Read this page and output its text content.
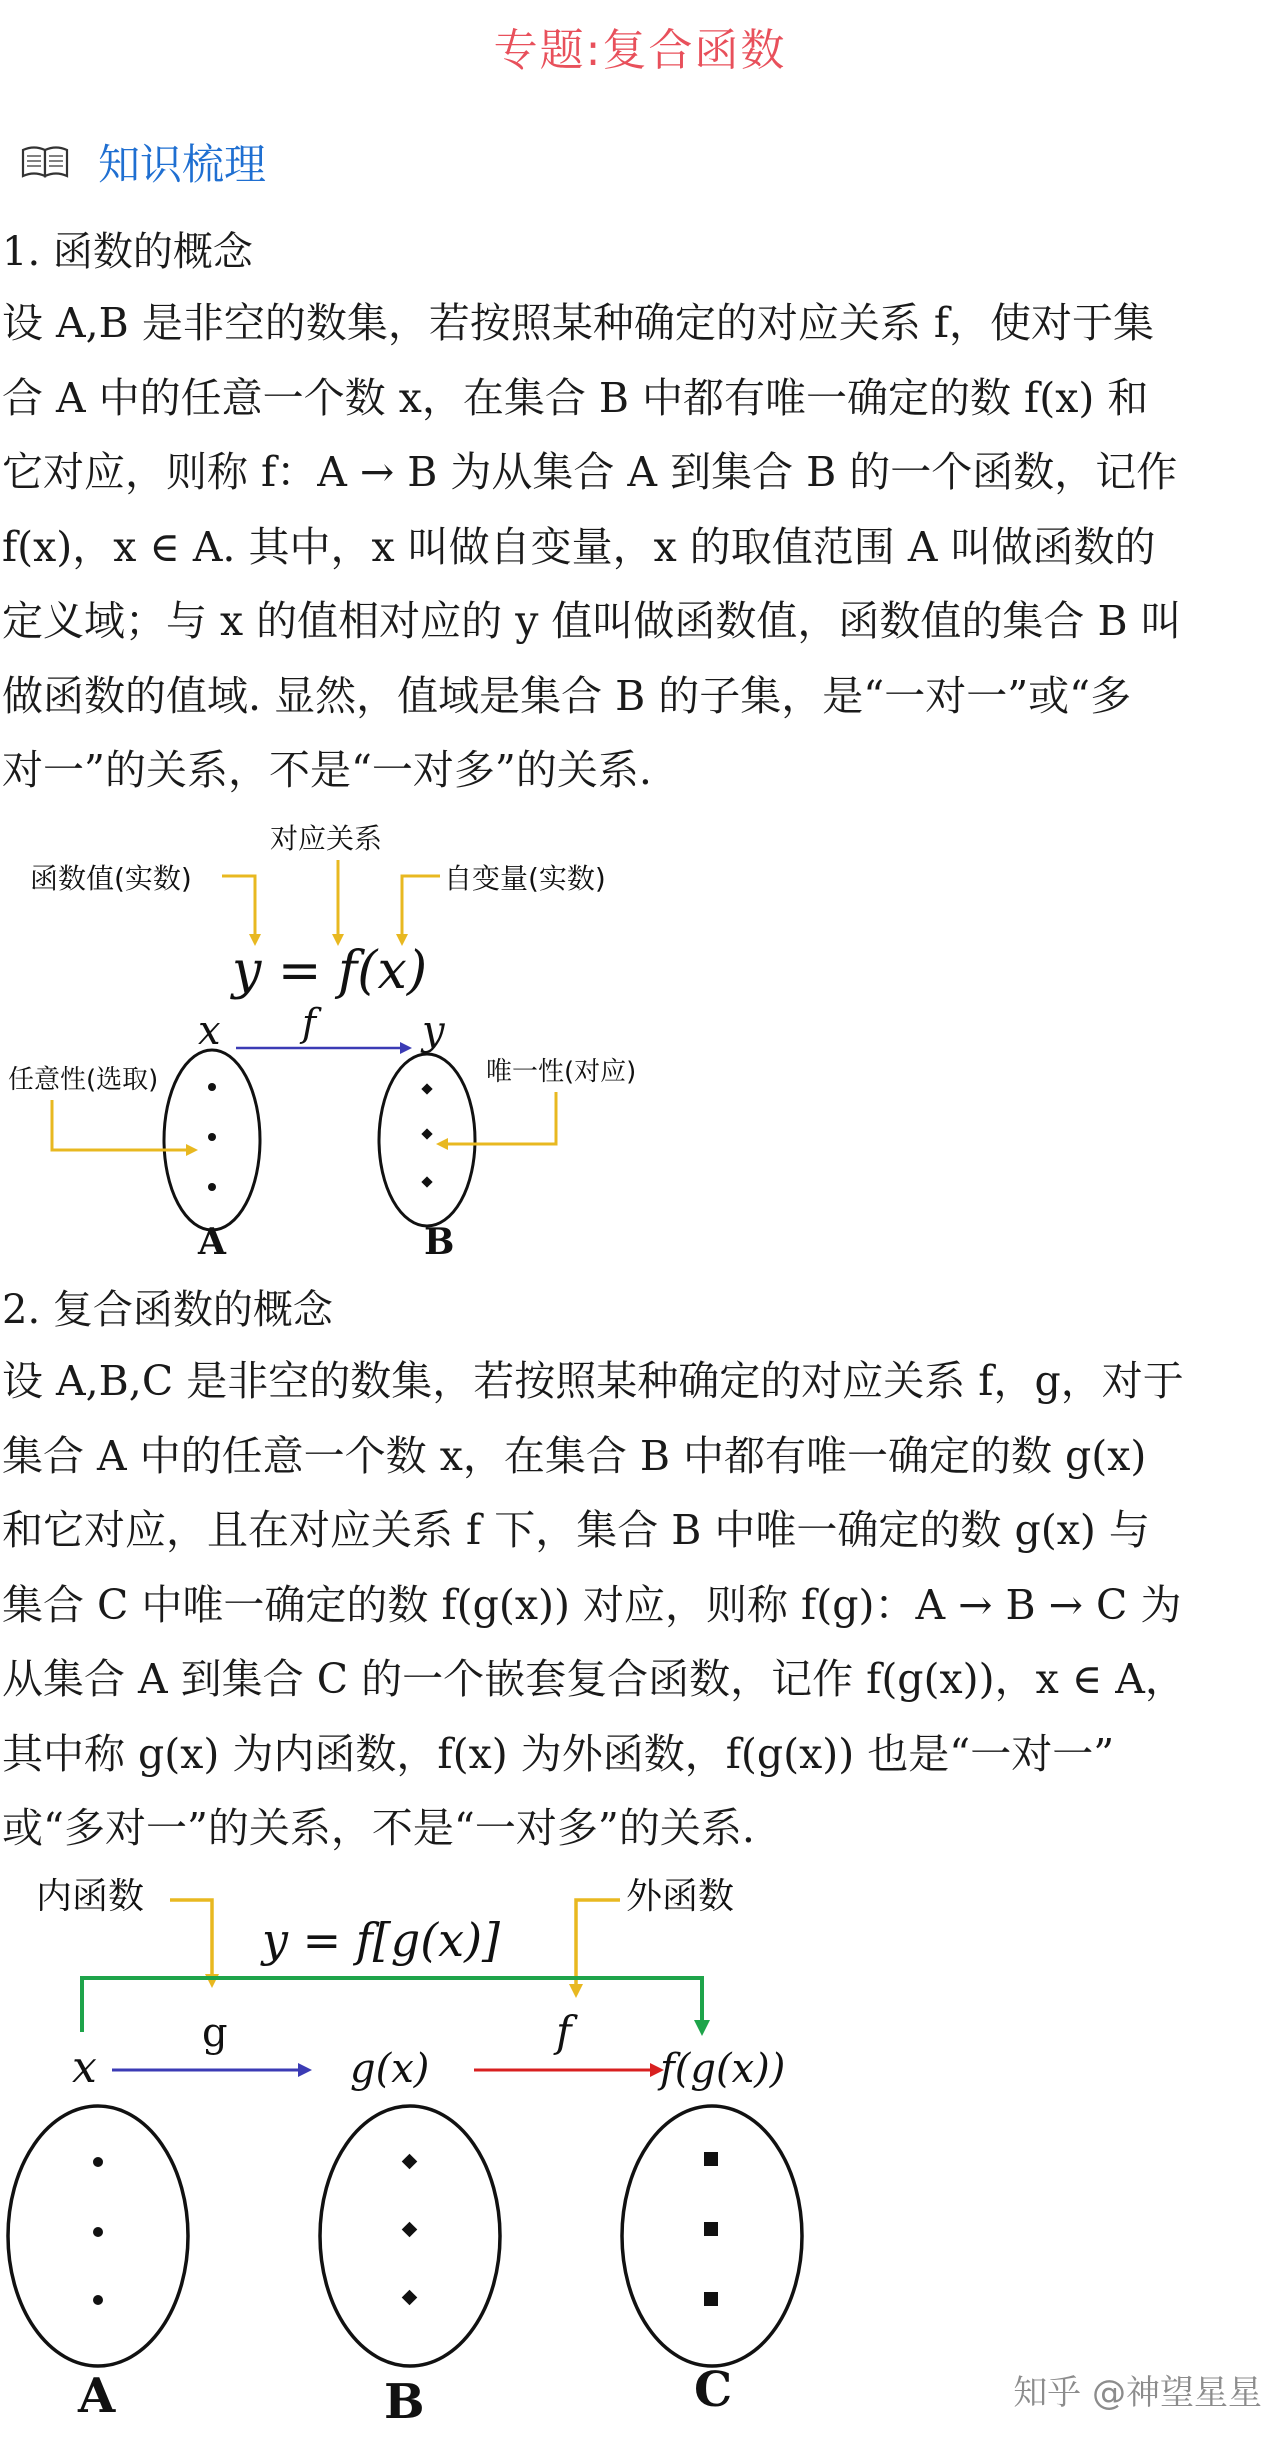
专题:复合函数
知识梳理
1. 函数的概念

设 A,B 是非空的数集，若按照某种确定的对应关系 f，使对于集

合 A 中的任意一个数 x，在集合 B 中都有唯一确定的数 f(x) 和

它对应，则称 f：A → B 为从集合 A 到集合 B 的一个函数，记作

f(x)，x ∈ A. 其中，x 叫做自变量，x 的取值范围 A 叫做函数的

定义域；与 x 的值相对应的 y 值叫做函数值，函数值的集合 B 叫

做函数的值域. 显然，值域是集合 B 的子集，是“一对一”或“多

对一”的关系，不是“一对多”的关系.

对应关系
函数值(实数)	自变量(实数)
y = f(x)
x f	y
任意性(选取)	唯一性(对应)
A	B
2. 复合函数的概念

设 A,B,C 是非空的数集，若按照某种确定的对应关系 f，g，对于

集合 A 中的任意一个数 x，在集合 B 中都有唯一确定的数 g(x)

和它对应，且在对应关系 f 下，集合 B 中唯一确定的数 g(x) 与

集合 C 中唯一确定的数 f(g(x)) 对应，则称 f(g)：A → B → C 为

从集合 A 到集合 C 的一个嵌套复合函数，记作 f(g(x))，x ∈ A，

其中称 g(x) 为内函数，f(x) 为外函数，f(g(x)) 也是“一对一”

或“多对一”的关系，不是“一对多”的关系.

内函数	外函数
y = f[g(x)]
x
g
g(x)
f
f(g(x))
A	B	C	知乎 @神望星星
